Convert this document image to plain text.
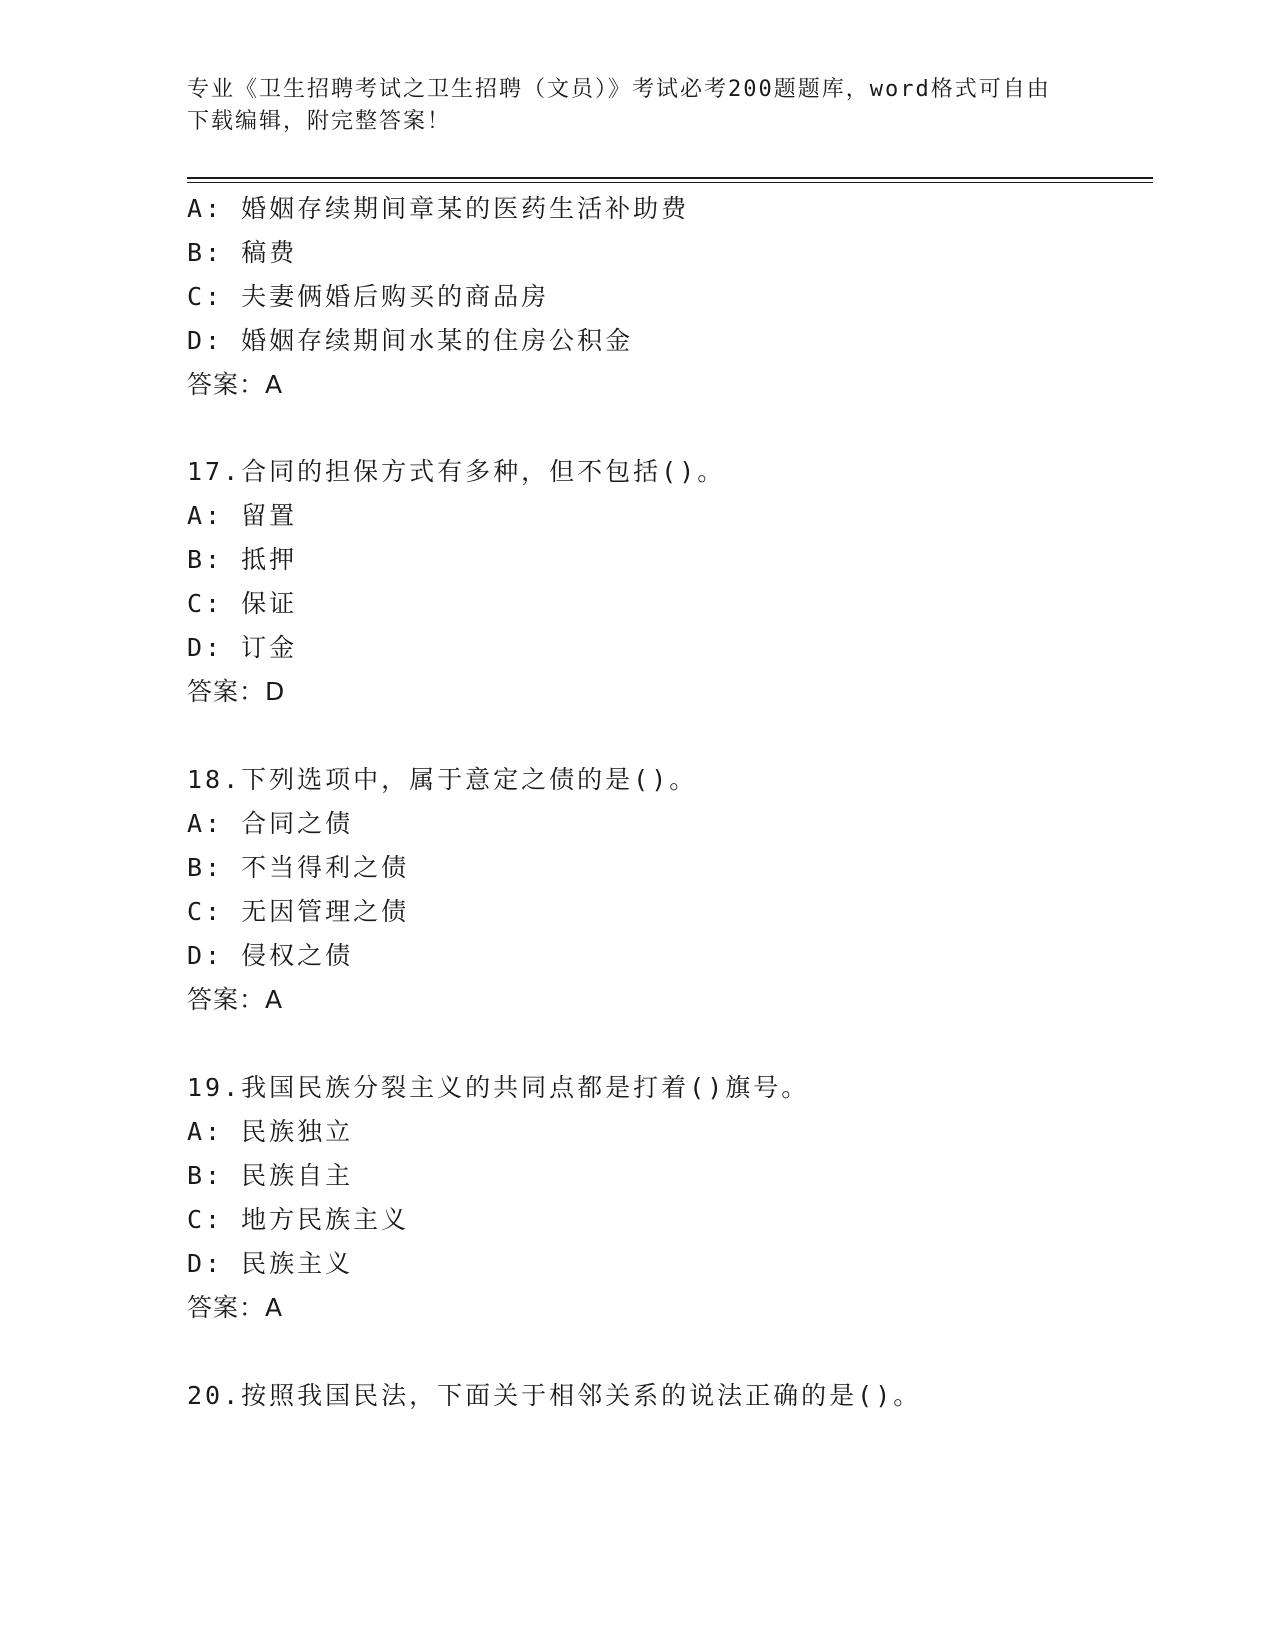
专业《卫生招聘考试之卫生招聘（文员）》考试必考200题题库，word格式可自由下载编辑，附完整答案！
A: 婚姻存续期间章某的医药生活补助费
B: 稿费
C: 夫妻俩婚后购买的商品房
D: 婚姻存续期间水某的住房公积金
答案：A
17.合同的担保方式有多种，但不包括()。
A: 留置
B: 抵押
C: 保证
D: 订金
答案：D
18.下列选项中，属于意定之债的是()。
A: 合同之债
B: 不当得利之债
C: 无因管理之债
D: 侵权之债
答案：A
19.我国民族分裂主义的共同点都是打着()旗号。
A: 民族独立
B: 民族自主
C: 地方民族主义
D: 民族主义
答案：A
20.按照我国民法，下面关于相邻关系的说法正确的是()。
